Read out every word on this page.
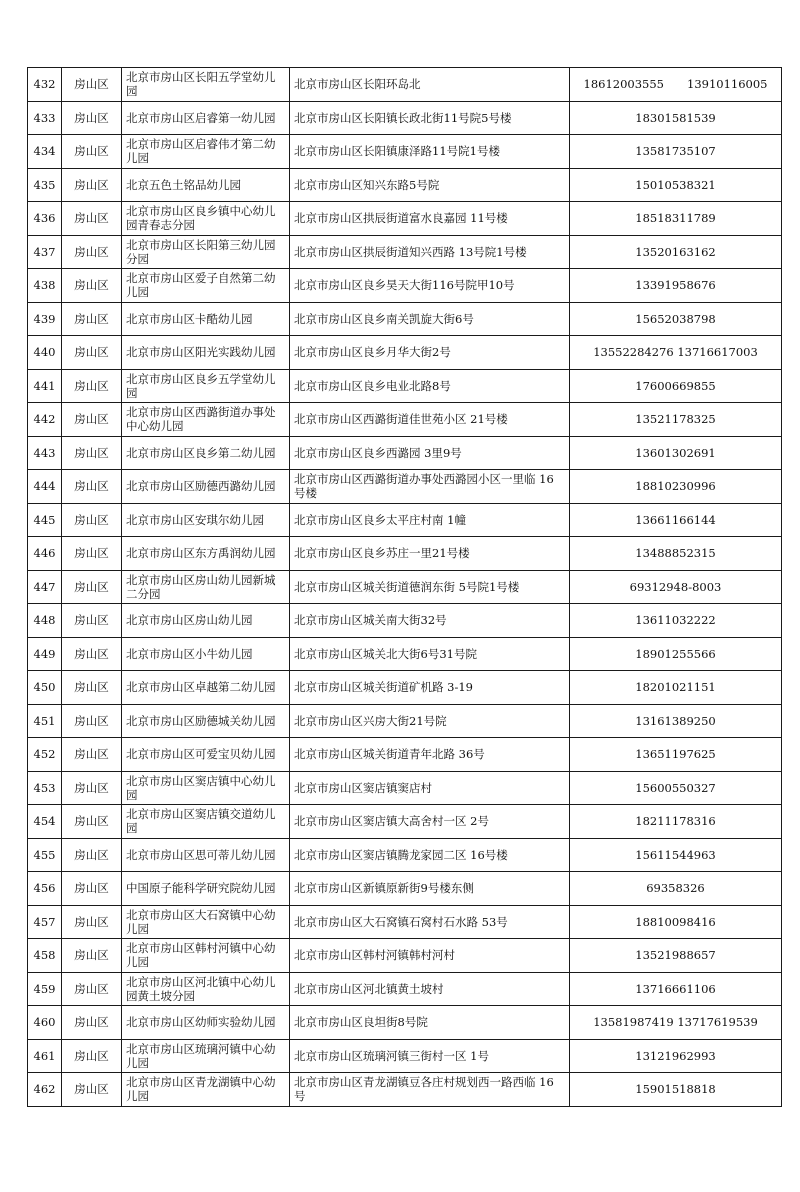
432	房山区	北京市房山区长阳五学堂幼儿园	北京市房山区长阳环岛北	18612003555　　13910116005
433	房山区	北京市房山区启睿第一幼儿园	北京市房山区长阳镇长政北街11号院5号楼	18301581539
434	房山区	北京市房山区启睿伟才第二幼儿园	北京市房山区长阳镇康泽路11号院1号楼	13581735107
435	房山区	北京五色土铭品幼儿园	北京市房山区知兴东路5号院	15010538321
436	房山区	北京市房山区良乡镇中心幼儿园青春志分园	北京市房山区拱辰街道富水良嘉园 11号楼	18518311789
437	房山区	北京市房山区长阳第三幼儿园分园	北京市房山区拱辰街道知兴西路 13号院1号楼	13520163162
438	房山区	北京市房山区爱子自然第二幼儿园	北京市房山区良乡昊天大街116号院甲10号	13391958676
439	房山区	北京市房山区卡酷幼儿园	北京市房山区良乡南关凯旋大街6号	15652038798
440	房山区	北京市房山区阳光实践幼儿园	北京市房山区良乡月华大街2号	13552284276 13716617003
441	房山区	北京市房山区良乡五学堂幼儿园	北京市房山区良乡电业北路8号	17600669855
442	房山区	北京市房山区西潞街道办事处中心幼儿园	北京市房山区西潞街道佳世苑小区 21号楼	13521178325
443	房山区	北京市房山区良乡第二幼儿园	北京市房山区良乡西潞园 3里9号	13601302691
444	房山区	北京市房山区励德西潞幼儿园	北京市房山区西潞街道办事处西潞园小区一里临 16号楼	18810230996
445	房山区	北京市房山区安琪尔幼儿园	北京市房山区良乡太平庄村南 1幢	13661166144
446	房山区	北京市房山区东方禹润幼儿园	北京市房山区良乡苏庄一里21号楼	13488852315
447	房山区	北京市房山区房山幼儿园新城二分园	北京市房山区城关街道德润东街 5号院1号楼	69312948-8003
448	房山区	北京市房山区房山幼儿园	北京市房山区城关南大街32号	13611032222
449	房山区	北京市房山区小牛幼儿园	北京市房山区城关北大街6号31号院	18901255566
450	房山区	北京市房山区卓越第二幼儿园	北京市房山区城关街道矿机路 3-19	18201021151
451	房山区	北京市房山区励德城关幼儿园	北京市房山区兴房大街21号院	13161389250
452	房山区	北京市房山区可爱宝贝幼儿园	北京市房山区城关街道青年北路 36号	13651197625
453	房山区	北京市房山区窦店镇中心幼儿园	北京市房山区窦店镇窦店村	15600550327
454	房山区	北京市房山区窦店镇交道幼儿园	北京市房山区窦店镇大高舍村一区 2号	18211178316
455	房山区	北京市房山区思可蒂儿幼儿园	北京市房山区窦店镇腾龙家园二区 16号楼	15611544963
456	房山区	中国原子能科学研究院幼儿园	北京市房山区新镇原新街9号楼东侧	69358326
457	房山区	北京市房山区大石窝镇中心幼儿园	北京市房山区大石窝镇石窝村石水路 53号	18810098416
458	房山区	北京市房山区韩村河镇中心幼儿园	北京市房山区韩村河镇韩村河村	13521988657
459	房山区	北京市房山区河北镇中心幼儿园黄土坡分园	北京市房山区河北镇黄土坡村	13716661106
460	房山区	北京市房山区幼师实验幼儿园	北京市房山区良坦街8号院	13581987419 13717619539
461	房山区	北京市房山区琉璃河镇中心幼儿园	北京市房山区琉璃河镇三街村一区 1号	13121962993
462	房山区	北京市房山区青龙湖镇中心幼儿园	北京市房山区青龙湖镇豆各庄村规划西一路西临 16号	15901518818
